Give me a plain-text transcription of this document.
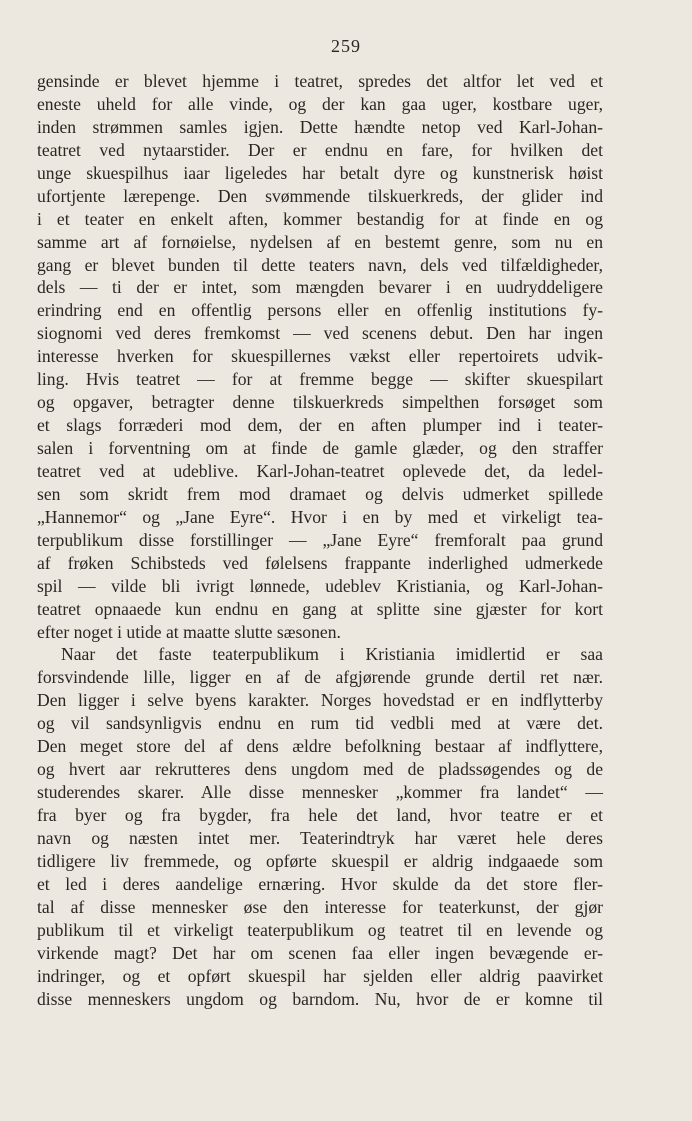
259
gensinde er blevet hjemme i teatret, spredes det altfor let ved et
eneste uheld for alle vinde, og der kan gaa uger, kostbare uger,
inden strømmen samles igjen. Dette hændte netop ved Karl-Johan-
teatret ved nytaarstider. Der er endnu en fare, for hvilken det
unge skuespilhus iaar ligeledes har betalt dyre og kunstnerisk høist
ufortjente lærepenge. Den svømmende tilskuerkreds, der glider ind
i et teater en enkelt aften, kommer bestandig for at finde en og
samme art af fornøielse, nydelsen af en bestemt genre, som nu en
gang er blevet bunden til dette teaters navn, dels ved tilfældigheder,
dels — ti der er intet, som mængden bevarer i en uudryddeligere
erindring end en offentlig persons eller en offenlig institutions fy-
siognomi ved deres fremkomst — ved scenens debut. Den har ingen
interesse hverken for skuespillernes vækst eller repertoirets udvik-
ling. Hvis teatret — for at fremme begge — skifter skuespilart
og opgaver, betragter denne tilskuerkreds simpelthen forsøget som
et slags forræderi mod dem, der en aften plumper ind i teater-
salen i forventning om at finde de gamle glæder, og den straffer
teatret ved at udeblive. Karl-Johan-teatret oplevede det, da ledel-
sen som skridt frem mod dramaet og delvis udmerket spillede
„Hannemor“ og „Jane Eyre“. Hvor i en by med et virkeligt tea-
terpublikum disse forstillinger — „Jane Eyre“ fremforalt paa grund
af frøken Schibsteds ved følelsens frappante inderlighed udmerkede
spil — vilde bli ivrigt lønnede, udeblev Kristiania, og Karl-Johan-
teatret opnaaede kun endnu en gang at splitte sine gjæster for kort
efter noget i utide at maatte slutte sæsonen.
Naar det faste teaterpublikum i Kristiania imidlertid er saa
forsvindende lille, ligger en af de afgjørende grunde dertil ret nær.
Den ligger i selve byens karakter. Norges hovedstad er en indflytterby
og vil sandsynligvis endnu en rum tid vedbli med at være det.
Den meget store del af dens ældre befolkning bestaar af indflyttere,
og hvert aar rekrutteres dens ungdom med de pladssøgendes og de
studerendes skarer. Alle disse mennesker „kommer fra landet“ —
fra byer og fra bygder, fra hele det land, hvor teatre er et
navn og næsten intet mer. Teaterindtryk har været hele deres
tidligere liv fremmede, og opførte skuespil er aldrig indgaaede som
et led i deres aandelige ernæring. Hvor skulde da det store fler-
tal af disse mennesker øse den interesse for teaterkunst, der gjør
publikum til et virkeligt teaterpublikum og teatret til en levende og
virkende magt? Det har om scenen faa eller ingen bevægende er-
indringer, og et opført skuespil har sjelden eller aldrig paavirket
disse menneskers ungdom og barndom. Nu, hvor de er komne til
